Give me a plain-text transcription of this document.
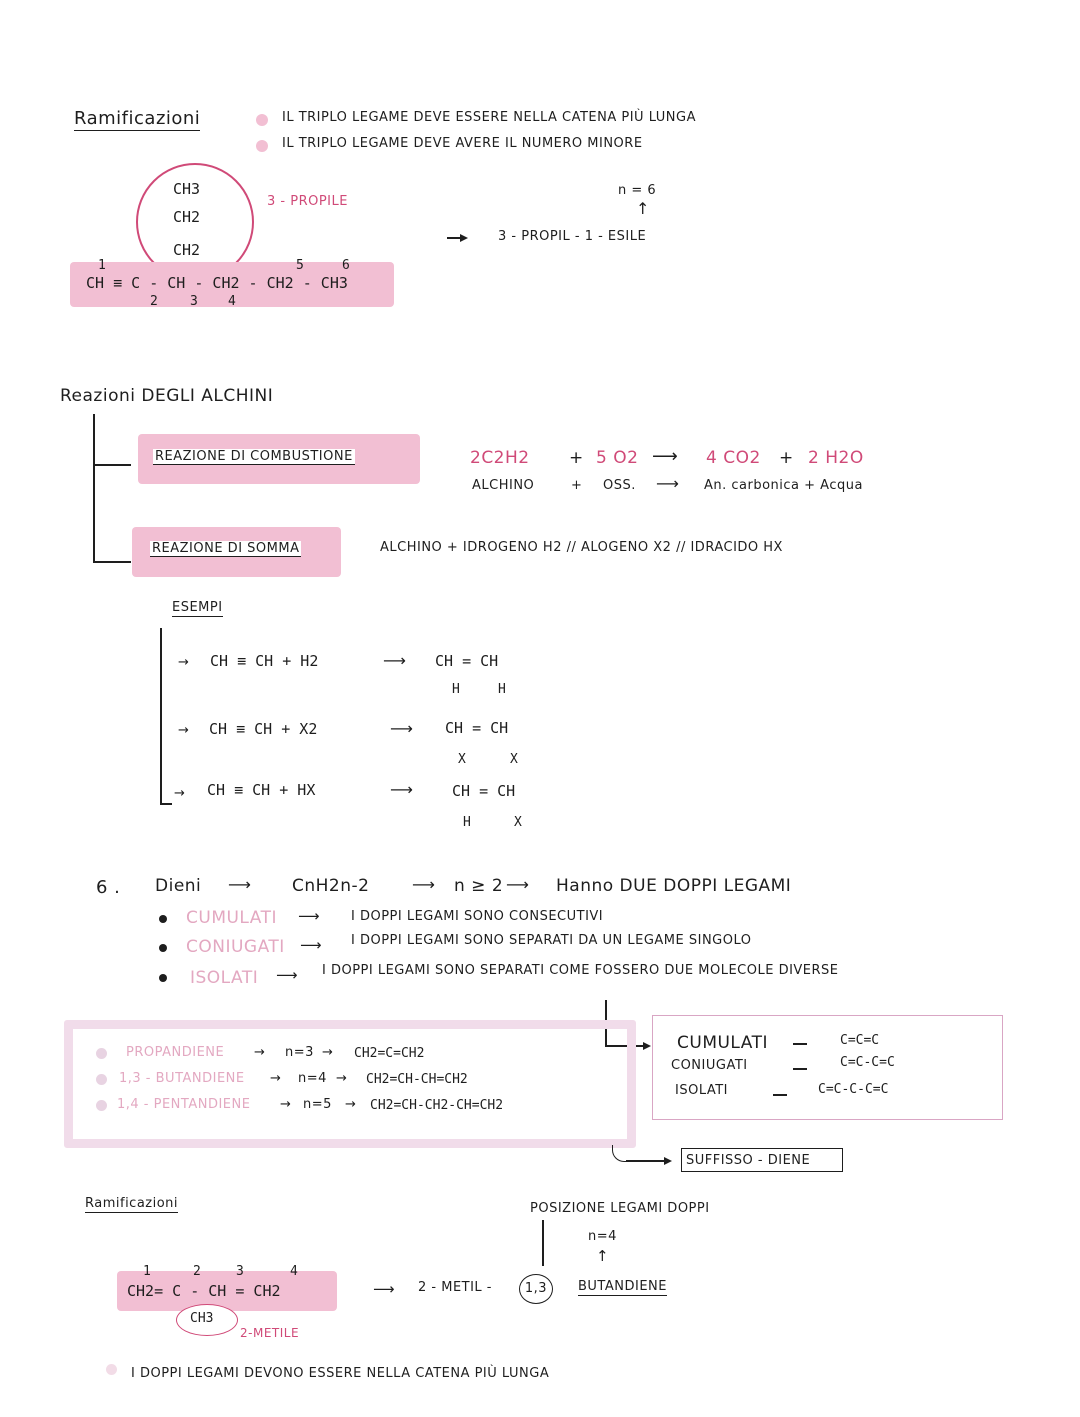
Ramificazioni	IL TRIPLO LEGAME DEVE ESSERE NELLA CATENA PIÙ LUNGA
IL TRIPLO LEGAME DEVE AVERE IL NUMERO MINORE
CH3
CH2
CH2
3 - PROPILE
1
2 3 4
5	6
CH ≡ C - CH - CH2 - CH2 - CH3
n = 6
↑
3 - PROPIL - 1 - ESILE
Reazioni DEGLI ALCHINI
REAZIONE DI COMBUSTIONE	2C2H2 + 5 O2 ⟶ 4 CO2 + 2 H2O
ALCHINO	+ OSS. ⟶ An. carbonica + Acqua
REAZIONE DI SOMMA	ALCHINO + IDROGENO H2 // ALOGENO X2 // IDRACIDO HX
ESEMPI
→ CH ≡ CH + H2	⟶ CH = CH
H	H
→ CH ≡ CH + X2	⟶ CH = CH
X	X
→ CH ≡ CH + HX	⟶	CH = CH
H	X
6 . Dieni ⟶ CnH2n-2	⟶ n ≥ 2 ⟶ Hanno DUE DOPPI LEGAMI
CUMULATI ⟶ I DOPPI LEGAMI SONO CONSECUTIVI
CONIUGATI ⟶ I DOPPI LEGAMI SONO SEPARATI DA UN LEGAME SINGOLO
ISOLATI ⟶ I DOPPI LEGAMI SONO SEPARATI COME FOSSERO DUE MOLECOLE DIVERSE
PROPANDIENE → n=3 → CH2=C=CH2
1,3 - BUTANDIENE → n=4 → CH2=CH-CH=CH2
1,4 - PENTANDIENE → n=5 → CH2=CH-CH2-CH=CH2
CUMULATI	C=C=C
CONIUGATI	C=C-C=C
ISOLATI	C=C-C-C=C
SUFFISSO - DIENE
Ramificazioni
1	2	3	4
CH2= C - CH = CH2
CH3
2-METILE
⟶
POSIZIONE LEGAMI DOPPI
n=4
↑
2 - METIL -	1,3	BUTANDIENE
I DOPPI LEGAMI DEVONO ESSERE NELLA CATENA PIÙ LUNGA
